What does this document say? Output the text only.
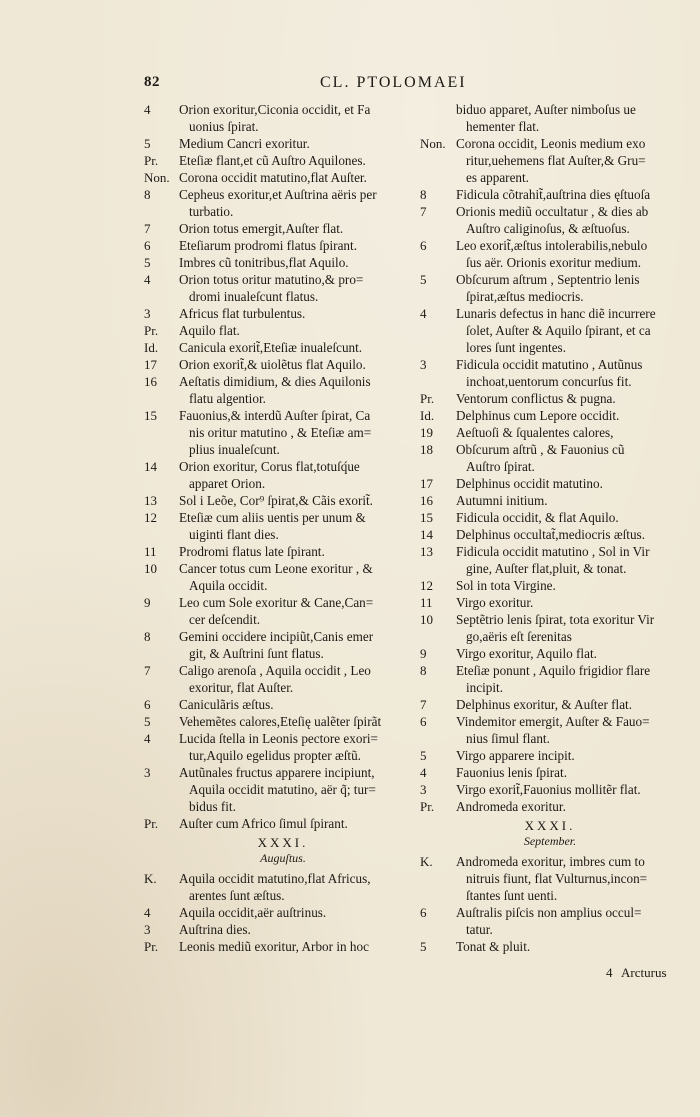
82	CL. PTOLOMAEI
4	Orion exoritur,Ciconia occidit, et Fa
uonius ſpirat.
5	Medium Cancri exoritur.
Pr.	Eteſiæ flant,et cũ Auſtro Aquilones.
Non. Corona occidit matutino,flat Auſter.
8	Cepheus exoritur,et Auſtrina aëris per
turbatio.
7	Orion totus emergit,Auſter flat.
6	Eteſiarum prodromi flatus ſpirant.
5	Imbres cũ tonitribus,flat Aquilo.
4	Orion totus oritur matutino,& pro=
dromi inualeſcunt flatus.
3	Africus flat turbulentus.
Pr.	Aquilo flat.
Id.	Canicula exorit̃,Eteſiæ inualeſcunt.
17	Orion exorit̃,& uiolẽtus flat Aquilo.
16	Aeſtatis dimidium, & dies Aquilonis
flatu algentior.
15	Fauonius,& interdũ Auſter ſpirat, Ca
nis oritur matutino , & Eteſiæ am=
plius inualeſcunt.
14	Orion exoritur, Corus flat,totuſq́ue
apparet Orion.
13	Sol i Leõe, Cor⁹ ſpirat,& Cãis exorit̃.
12	Eteſiæ cum aliis uentis per unum &
uiginti flant dies.
11	Prodromi flatus late ſpirant.
10	Cancer totus cum Leone exoritur , &
Aquila occidit.
9	Leo cum Sole exoritur & Cane,Can=
cer deſcendit.
8	Gemini occidere incipiũt,Canis emer
git, & Auſtrini ſunt flatus.
7	Caligo arenoſa , Aquila occidit , Leo
exoritur, flat Auſter.
6	Caniculãris æſtus.
5	Vehemẽtes calores,Eteſię ualẽter ſpirãt
4	Lucida ſtella in Leonis pectore exori=
tur,Aquilo egelidus propter æſtũ.
3	Autũnales fructus apparere incipiunt,
Aquila occidit matutino, aër q̃; tur=
bidus fit.
Pr.	Auſter cum Africo ſimul ſpirant.
XXXI.
Auguſtus.
K.	Aquila occidit matutino,flat Africus,
arentes ſunt æſtus.
4	Aquila occidit,aër auſtrinus.
3	Auſtrina dies.
Pr.	Leonis mediũ exoritur, Arbor in hoc
biduo apparet, Auſter nimboſus ue
hementer flat.
Non. Corona occidit, Leonis medium exo
ritur,uehemens flat Auſter,& Gru=
es apparent.
8	Fidicula cõtrahit̃,auſtrina dies ęſtuoſa
7	Orionis mediũ occultatur , & dies ab
Auſtro caliginoſus, & æſtuoſus.
6	Leo exorit̃,æſtus intolerabilis,nebulo
ſus aër. Orionis exoritur medium.
5	Obſcurum aſtrum , Septentrio lenis
ſpirat,æſtus mediocris.
4	Lunaris defectus in hanc diẽ incurrere
ſolet, Auſter & Aquilo ſpirant, et ca
lores ſunt ingentes.
3	Fidicula occidit matutino , Autũnus
inchoat,uentorum concurſus fit.
Pr.	Ventorum conflictus & pugna.
Id.	Delphinus cum Lepore occidit.
19	Aeſtuoſi & ſqualentes calores,
18	Obſcurum aſtrũ , & Fauonius cũ
Auſtro ſpirat.
17	Delphinus occidit matutino.
16	Autumni initium.
15	Fidicula occidit, & flat Aquilo.
14	Delphinus occultat̃,mediocris æſtus.
13	Fidicula occidit matutino , Sol in Vir
gine, Auſter flat,pluit, & tonat.
12	Sol in tota Virgine.
11	Virgo exoritur.
10	Septẽtrio lenis ſpirat, tota exoritur Vir
go,aëris eſt ſerenitas
9	Virgo exoritur, Aquilo flat.
8	Eteſiæ ponunt , Aquilo frigidior flare
incipit.
7	Delphinus exoritur, & Auſter flat.
6	Vindemitor emergit, Auſter & Fauo=
nius ſimul flant.
5	Virgo apparere incipit.
4	Fauonius lenis ſpirat.
3	Virgo exorit̃,Fauonius mollitẽr flat.
Pr.	Andromeda exoritur.
XXXI.
September.
K.	Andromeda exoritur, imbres cum to
nitruis fiunt, flat Vulturnus,incon=
ſtantes ſunt uenti.
6	Auſtralis piſcis non amplius occul=
tatur.
5	Tonat & pluit.
4 Arcturus
